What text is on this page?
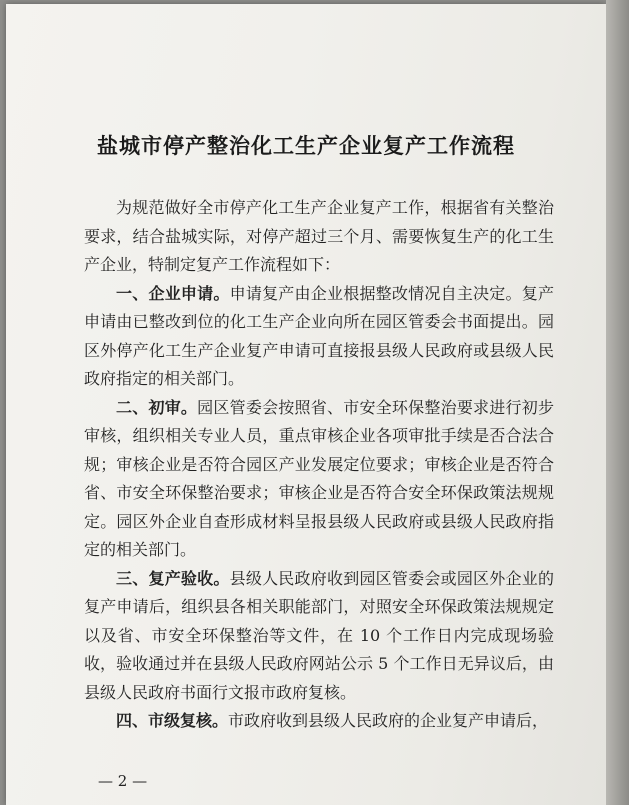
盐城市停产整治化工生产企业复产工作流程

为规范做好全市停产化工生产企业复产工作，根据省有关整治要求，结合盐城实际，对停产超过三个月、需要恢复生产的化工生产企业，特制定复产工作流程如下：

一、企业申请。申请复产由企业根据整改情况自主决定。复产申请由已整改到位的化工生产企业向所在园区管委会书面提出。园区外停产化工生产企业复产申请可直接报县级人民政府或县级人民政府指定的相关部门。

二、初审。园区管委会按照省、市安全环保整治要求进行初步审核，组织相关专业人员，重点审核企业各项审批手续是否合法合规；审核企业是否符合园区产业发展定位要求；审核企业是否符合省、市安全环保整治要求；审核企业是否符合安全环保政策法规规定。园区外企业自查形成材料呈报县级人民政府或县级人民政府指定的相关部门。

三、复产验收。县级人民政府收到园区管委会或园区外企业的复产申请后，组织县各相关职能部门，对照安全环保政策法规规定以及省、市安全环保整治等文件，在 10 个工作日内完成现场验收，验收通过并在县级人民政府网站公示 5 个工作日无异议后，由县级人民政府书面行文报市政府复核。

四、市级复核。市政府收到县级人民政府的企业复产申请后，

— 2 —
